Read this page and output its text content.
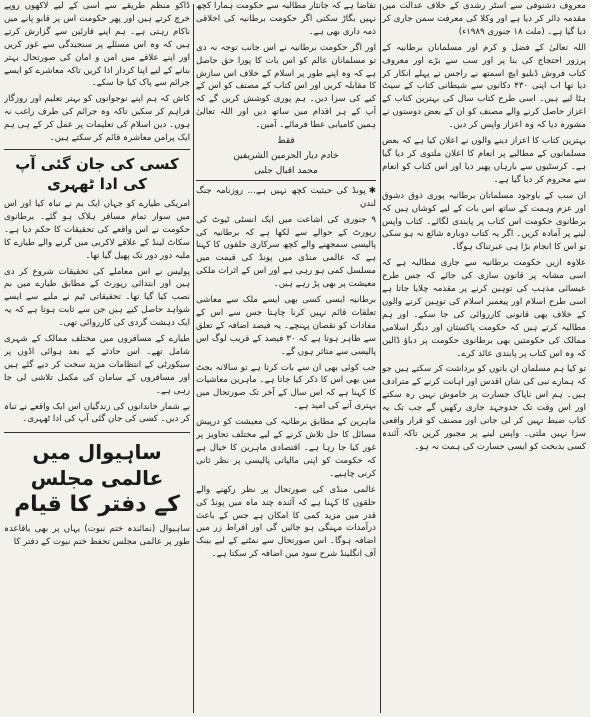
معروف دشنوفی سے اسٹر رشدی کے خلاف عدالت میں مقدمہ دائر کر دیا ہے اور وکلا کی معرفت سمن جاری کر دیا گیا ہے۔ (ملت ۱۸ جنوری ۱۹۸۹ء)

اللہ تعالیٰ کے فضل و کرم اور مسلمانان برطانیہ کے پرزور احتجاج کی بنا پر اور سب سے بڑے اور معروف کتاب فروش ڈبلیو ایچ اسمتھ نے راجس نے پہلے انکار کر دیا تھا اب اپنی ۴۳۰ دکانوں سے شیطانی کتاب کے سیٹ ہٹا لیے ہیں۔ اسی طرح کتاب سال کی بہترین کتاب کے اعزاز حاصل کرنے والے مصنف کو ان کے بعض دوستوں نے مشورہ دیا کہ وہ اعزاز واپس کر دیں۔

بہترین کتاب کا اعزاز دینے والوں نے اعلان کیا ہے کہ بعض مسلمانوں کے مطالبے پر انعام کا اعلان ملتوی کر دیا گیا ہے۔ کرسٹیوں سے بارہاں پھیر دیا اور اس کتاب کو انعام سے محروم کر دیا گیا ہے۔

ان سب کے باوجود مسلمانان برطانیہ پوری ذوق دشوق اور عزم وہمت کے ساتھ اس بات کے لیے کوشاں ہیں کہ برطانوی حکومت اس کتاب پر پابندی لگائے۔ کتاب واپس لینے پر آمادہ کریں۔ اگر یہ کتاب دوبارہ شائع نہ ہو سکی تو اس کا انجام بڑا ہی عبرتناک ہوگا۔

علاوہ ازیں حکومت برطانیہ سے جاری مطالبہ ہے کہ اسی مشابہ پر قانون سازی کی جائے کہ جس طرح عیسائی مذہب کی توہین کرنے پر مقدمہ چلایا جاتا ہے اسی طرح اسلام اور پیغمبر اسلام کی توہین کرنے والوں کے خلاف بھی قانونی کارروائی کی جا سکے۔ اور ہم مطالبہ کرتے ہیں کہ حکومت پاکستان اور دیگر اسلامی ممالک کی حکومتیں بھی برطانوی حکومت پر دباؤ ڈالیں کہ وہ اس کتاب پر پابندی عائد کرے۔

تو کیا ہم مسلمان ان باتوں کو برداشت کر سکتے ہیں جو کہ ہمارے نبی کی شان اقدس اور اہانت کرنے کے مترادف ہیں۔ ہم اس ناپاک جسارت پر خاموش نہیں رہ سکتے اور اس وقت تک جدوجہد جاری رکھیں گے جب تک یہ کتاب ضبط نہیں کر لی جاتی اور مصنف کو قرار واقعی سزا نہیں ملتی۔ واپس لینے پر مجبور کریں تاکہ آئندہ کسی بدبخت کو ایسی جسارت کی ہمت نہ ہو۔

تقاضا ہے کہ جانثار مطالبہ سے حکومت ہمارا کچھ نہیں بگاڑ سکتی اگر حکومت برطانیہ کی اخلاقی ذمہ داری بھی ہے۔

اور اگر حکومت برطانیہ نے اس جانب توجہ نہ دی تو مسلمانان عالم کو اس بات کا پورا حق حاصل ہے کہ وہ اپنے طور پر اسلام کے خلاف اس سازش کا مقابلہ کریں اور اس کتاب کے مصنف کو اس کے کیے کی سزا دیں۔ ہم پوری کوشش کریں گے کہ آپ کے ہر اقدام میں ساتھ دیں اور اللہ تعالیٰ ہمیں کامیابی عطا فرمائے۔ آمین۔

فقط
خادم دیار الحرمین الشریفین
محمد اقبال جلبی

✱پونڈ کی حیثیت کچھ نہیں ہے… روزنامہ جنگ لندن

۹ جنوری کی اشاعت میں ایک انسٹی ٹیوٹ کی رپورٹ کے حوالے سے لکھا ہے کہ برطانیہ کی پالیسی سمجھنے والے کچھ سرکاری حلقوں کا کہنا ہے کہ عالمی منڈی میں پونڈ کی قیمت میں مسلسل کمی ہو رہی ہے اور اس کے اثرات ملکی معیشت پر بھی پڑ رہے ہیں۔

برطانیہ ایسی کسی بھی ایسے ملک سے معاشی تعلقات قائم نہیں کرنا چاہتا جس سے اس کے مفادات کو نقصان پہنچے۔ یہ فیصد اضافہ کے تعلق سے ظاہر ہوتا ہے کہ ۳۰ فیصد کے قریب لوگ اس پالیسی سے متاثر ہوں گے۔

جب کوئی بھی ان سے بات کرتا ہے تو سالانہ بجٹ میں بھی اس کا ذکر کیا جاتا ہے۔ ماہرین معاشیات کا کہنا ہے کہ اس سال کے آخر تک صورتحال میں بہتری آنے کی امید ہے۔

ماہرین کے مطابق برطانیہ کی معیشت کو درپیش مسائل کا حل تلاش کرنے کے لیے مختلف تجاویز پر غور کیا جا رہا ہے۔ اقتصادی ماہرین کا خیال ہے کہ حکومت کو اپنی مالیاتی پالیسی پر نظر ثانی کرنی چاہیے۔

عالمی منڈی کی صورتحال پر نظر رکھنے والے حلقوں کا کہنا ہے کہ آئندہ چند ماہ میں پونڈ کی قدر میں مزید کمی کا امکان ہے جس کے باعث درآمدات مہنگی ہو جائیں گی اور افراط زر میں اضافہ ہوگا۔ اس صورتحال سے نمٹنے کے لیے بینک آف انگلینڈ شرح سود میں اضافہ کر سکتا ہے۔

ڈاکو منظم طریقے سے اسی کے لیے لاکھوں روپے خرچ کرتے ہیں اور پھر حکومت اس پر قابو پانے میں ناکام رہتی ہے۔ ہم اپنے قارئین سے گزارش کرتے ہیں کہ وہ اس مسئلے پر سنجیدگی سے غور کریں اور اپنے علاقے میں امن و امان کی صورتحال بہتر بنانے کے لیے اپنا کردار ادا کریں تاکہ معاشرے کو ایسے جرائم سے پاک کیا جا سکے۔

کاش کہ ہم اپنے نوجوانوں کو بہتر تعلیم اور روزگار فراہم کر سکیں تاکہ وہ جرائم کی طرف راغب نہ ہوں۔ دین اسلام کی تعلیمات پر عمل کر کے ہی ہم ایک پرامن معاشرہ قائم کر سکتے ہیں۔

کسی کی جان گئی آپ کی ادا ٹھہری

امریکی طیارے کو جہاں ایک بم نے تباہ کیا اور اس میں سوار تمام مسافر ہلاک ہو گئے۔ برطانوی حکومت نے اس واقعے کی تحقیقات کا حکم دیا ہے۔ سکاٹ لینڈ کے علاقے لاکربی میں گرنے والے طیارے کا ملبہ دور دور تک پھیل گیا تھا۔

پولیس نے اس معاملے کی تحقیقات شروع کر دی ہیں اور ابتدائی رپورٹ کے مطابق طیارے میں بم نصب کیا گیا تھا۔ تحقیقاتی ٹیم نے ملبے سے ایسے شواہد حاصل کیے ہیں جن سے ثابت ہوتا ہے کہ یہ ایک دہشت گردی کی کارروائی تھی۔

طیارے کے مسافروں میں مختلف ممالک کے شہری شامل تھے۔ اس حادثے کے بعد ہوائی اڈوں پر سیکورٹی کے انتظامات مزید سخت کر دیے گئے ہیں اور مسافروں کے سامان کی مکمل تلاشی لی جا رہی ہے۔

بے شمار خاندانوں کی زندگیاں اس ایک واقعے نے تباہ کر دیں۔ کسی کی جان گئی آپ کی ادا ٹھہری۔

ساہیوال میں عالمی مجلس
کے دفتر کا قیام

ساہیوال (نمائندہ ختم نبوت) یہاں پر بھی باقاعدہ طور پر عالمی مجلس تحفظ ختم نبوت کے دفتر کا
